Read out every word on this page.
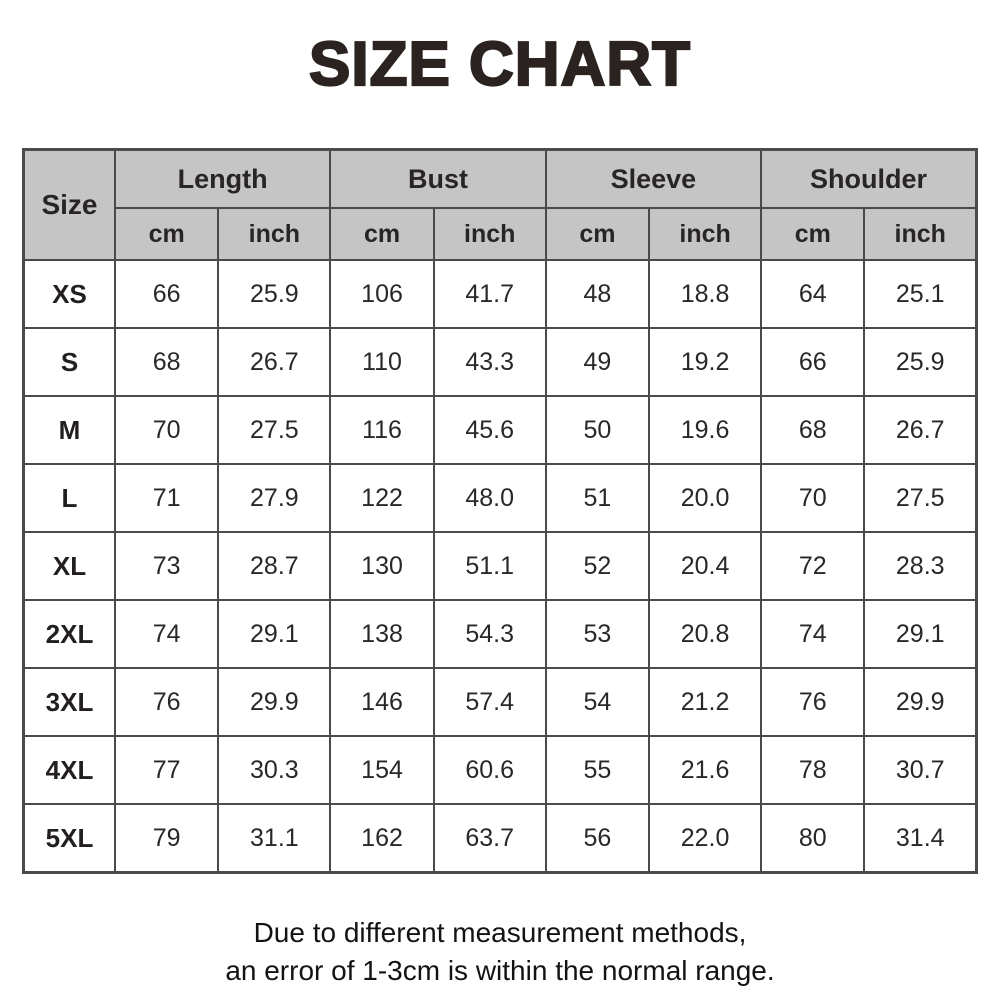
SIZE CHART
Size	Length		Bust		Sleeve		Shoulder	
	cm	inch	cm	inch	cm	inch	cm	inch
XS	66	25.9	106	41.7	48	18.8	64	25.1
S	68	26.7	110	43.3	49	19.2	66	25.9
M	70	27.5	116	45.6	50	19.6	68	26.7
L	71	27.9	122	48.0	51	20.0	70	27.5
XL	73	28.7	130	51.1	52	20.4	72	28.3
2XL	74	29.1	138	54.3	53	20.8	74	29.1
3XL	76	29.9	146	57.4	54	21.2	76	29.9
4XL	77	30.3	154	60.6	55	21.6	78	30.7
5XL	79	31.1	162	63.7	56	22.0	80	31.4
Due to different measurement methods,
an error of 1-3cm is within the normal range.
